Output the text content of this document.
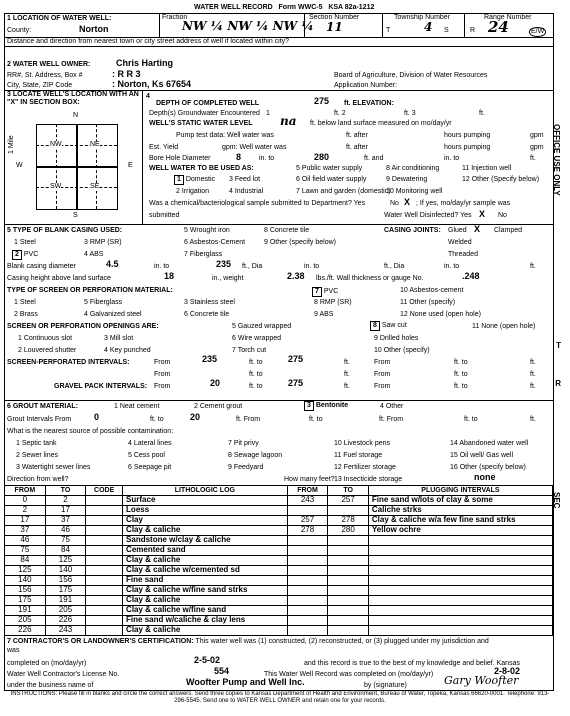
WATER WELL RECORD Form WWC-5 KSA 82a-1212
1 LOCATION OF WATER WELL:
County:	Norton
Fraction
NW ¼ NW ¼ NW ¼
Section Number
11
Township Number
T	4 S
Range Number
R 24	E/W
Distance and direction from nearest town or city street address of well if located within city?
2 WATER WELL OWNER:	Chris Harting
RR#, St. Address, Box #	: R R 3
City, State, ZIP Code	: Norton, Ks 67654
Board of Agriculture, Division of Water Resources
Application Number:
3 LOCATE WELL'S LOCATION WITH AN "X" IN SECTION BOX:
N
S
W	E
NW	NE
SW	SE
1 Mile
4
DEPTH OF COMPLETED WELL	275 ft. ELEVATION:
Depth(s) Groundwater Encountered 1	ft. 2	ft. 3	ft.
WELL'S STATIC WATER LEVEL na ft. below land surface measured on mo/day/yr
Pump test data: Well water was	ft. after	hours pumping	gpm
Est. Yield	gpm: Well water was	ft. after	hours pumping	gpm
Bore Hole Diameter	8	in. to	280	ft. and	in. to	ft.
WELL WATER TO BE USED AS:	5 Public water supply	8 Air conditioning	11 Injection well
1 Domestic 3 Feed lot	6 Oil field water supply	9 Dewatering	12 Other (Specify below)
2 Irrigation	4 Industrial	7 Lawn and garden (domestic)
10 Monitoring well
Was a chemical/bacteriological sample submitted to Department? Yes	No X ; If yes, mo/day/yr sample was
submitted	Water Well Disinfected? Yes X No
5 TYPE OF BLANK CASING USED:
1 Steel	3 RMP (SR)
5 Wrought iron
6 Asbestos-Cement
7 Fiberglass
8 Concrete tile
9 Other (specify below)
2 PVC	4 ABS
CASING JOINTS: Glued X Clamped
Welded
Threaded
Blank casing diameter	4.5	in. to	235 ft., Dia	in. to	ft., Dia	in. to	ft.
Casing height above land surface	18	in., weight	2.38 lbs./ft. Wall thickness or gauge No.	.248
TYPE OF SCREEN OR PERFORATION MATERIAL:
1 Steel	5 Fiberglass	3 Stainless steel
7 PVC	10 Asbestos-cement
2 Brass	4 Galvanized steel	6 Concrete tile
8 RMP (SR)	11 Other (specify)
9 ABS	12 None used (open hole)
SCREEN OR PERFORATION OPENINGS ARE:	5 Gauzed wrapped	8 Saw cut	11 None (open hole)
1 Continuous slot	3 Mill slot	6 Wire wrapped	9 Drilled holes
2 Louvered shutter	4 Key punched	7 Torch cut	10 Other (specify)
SCREEN-PERFORATED INTERVALS:	From	235	ft. to	275	ft.	From	ft. to	ft.
From	ft. to	ft.	From	ft. to	ft.
GRAVEL PACK INTERVALS: From	20	ft. to	275	ft.	From	ft. to	ft.
6 GROUT MATERIAL:	1 Neat cement	2 Cement grout	3 Bentonite	4 Other
Grout Intervals From	0	ft. to	20	ft. From	ft. to	ft. From	ft. to	ft.
What is the nearest source of possible contamination:
1 Septic tank	4 Lateral lines	7 Pit privy	10 Livestock pens	14 Abandoned water well
2 Sewer lines	5 Cess pool	8 Sewage lagoon	11 Fuel storage	15 Oil well/ Gas well
3 Watertight sewer lines	6 Seepage pit	9 Feedyard	12 Fertilizer storage	16 Other (specify below)
13 Insecticide storage	none
Direction from well?	How many feet?
FROM	TO	CODE	LITHOLOGIC LOG	FROM	TO	PLUGGING INTERVALS
0	2		Surface	243	257	Fine sand w/lots of clay & some
2	17		Loess			Caliche strks
17	37		Clay	257	278	Clay & caliche w/a few fine sand strks
37	46		Clay & caliche	278	280	Yellow ochre
46	75		Sandstone w/clay & caliche			
75	84		Cemented sand			
84	125		Clay & caliche			
125	140		Clay & caliche w/cemented sd			
140	156		Fine sand			
156	175		Clay & caliche w/fine sand strks			
175	191		Clay & caliche			
191	205		Clay & caliche w/fine sand			
205	226		Fine sand w/caliche & clay lens			
226	243		Clay & caliche			
7 CONTRACTOR'S OR LANDOWNER'S CERTIFICATION: This water well was (1) constructed, (2) reconstructed, or (3) plugged under my jurisdiction and
was
completed on (mo/day/yr)	2-5-02	and this record is true to the best of my knowledge and belief. Kansas
Water Well Contractor's License No.	554	This Water Well Record was completed on (mo/day/yr)	2-8-02
under the business name of	Woofter Pump and Well Inc.	by (signature)	Gary Woofter
INSTRUCTIONS: Please fill in blanks and circle the correct answers. Send three copies to Kansas Department of Health and Environment, Bureau of Water, Topeka, Kansas 66620-0001. Telephone: 913-296-5545. Send one to WATER WELL OWNER and retain one for your records.
OFFICE USE ONLY
T
R
SEC
